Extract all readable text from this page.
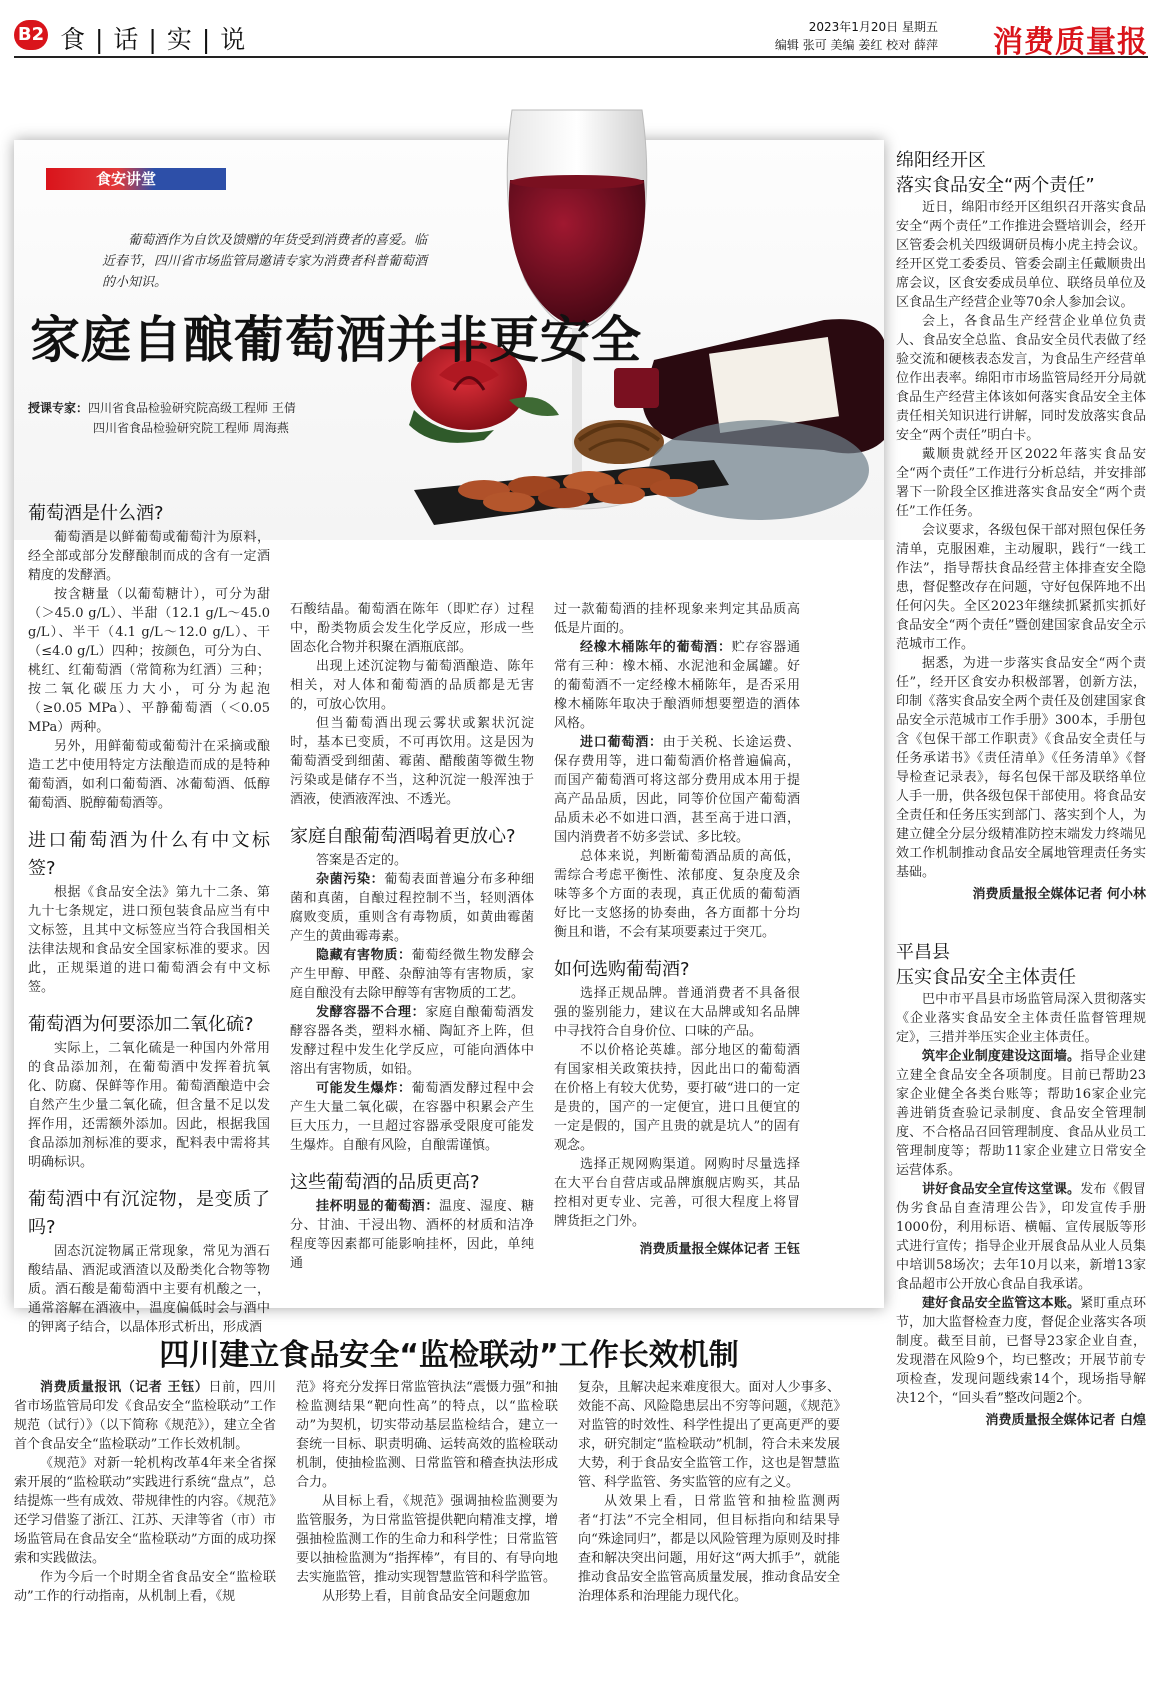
B2 食|话|实|说	2023年1月20日 星期五
编辑 张可 美编 姜红 校对 薛萍 消费质量报
食安讲堂
葡萄酒作为自饮及馈赠的年货受到消费者的喜爱。临近春节，四川省市场监管局邀请专家为消费者科普葡萄酒的小知识。
家庭自酿葡萄酒并非更安全
授课专家：四川省食品检验研究院高级工程师 王倩
四川省食品检验研究院工程师 周海燕
葡萄酒是什么酒?

葡萄酒是以鲜葡萄或葡萄汁为原料，经全部或部分发酵酿制而成的含有一定酒精度的发酵酒。

按含糖量（以葡萄糖计），可分为甜（＞45.0 g/L）、半甜（12.1 g/L～45.0 g/L）、半干（4.1 g/L～12.0 g/L）、干（≤4.0 g/L）四种；按颜色，可分为白、桃红、红葡萄酒（常简称为红酒）三种；按二氧化碳压力大小，可分为起泡（≥0.05 MPa）、平静葡萄酒（＜0.05 MPa）两种。

另外，用鲜葡萄或葡萄汁在采摘或酿造工艺中使用特定方法酿造而成的是特种葡萄酒，如利口葡萄酒、冰葡萄酒、低醇葡萄酒、脱醇葡萄酒等。

进口葡萄酒为什么有中文标签?

根据《食品安全法》第九十二条、第九十七条规定，进口预包装食品应当有中文标签，且其中文标签应当符合我国相关法律法规和食品安全国家标准的要求。因此，正规渠道的进口葡萄酒会有中文标签。

葡萄酒为何要添加二氧化硫?

实际上，二氧化硫是一种国内外常用的食品添加剂，在葡萄酒中发挥着抗氧化、防腐、保鲜等作用。葡萄酒酿造中会自然产生少量二氧化硫，但含量不足以发挥作用，还需额外添加。因此，根据我国食品添加剂标准的要求，配料表中需将其明确标识。

葡萄酒中有沉淀物，是变质了吗?

固态沉淀物属正常现象，常见为酒石酸结晶、酒泥或酒渣以及酚类化合物等物质。酒石酸是葡萄酒中主要有机酸之一，通常溶解在酒液中，温度偏低时会与酒中的钾离子结合，以晶体形式析出，形成酒

石酸结晶。葡萄酒在陈年（即贮存）过程中，酚类物质会发生化学反应，形成一些固态化合物并积聚在酒瓶底部。

出现上述沉淀物与葡萄酒酿造、陈年相关，对人体和葡萄酒的品质都是无害的，可放心饮用。

但当葡萄酒出现云雾状或絮状沉淀时，基本已变质，不可再饮用。这是因为葡萄酒受到细菌、霉菌、醋酸菌等微生物污染或是储存不当，这种沉淀一般浑浊于酒液，使酒液浑浊、不透光。

家庭自酿葡萄酒喝着更放心?

答案是否定的。

杂菌污染：葡萄表面普遍分布多种细菌和真菌，自酿过程控制不当，轻则酒体腐败变质，重则含有毒物质，如黄曲霉菌产生的黄曲霉毒素。

隐藏有害物质：葡萄经微生物发酵会产生甲醇、甲醛、杂醇油等有害物质，家庭自酿没有去除甲醇等有害物质的工艺。

发酵容器不合理：家庭自酿葡萄酒发酵容器各类，塑料水桶、陶缸齐上阵，但发酵过程中发生化学反应，可能向酒体中溶出有害物质，如铅。

可能发生爆炸：葡萄酒发酵过程中会产生大量二氧化碳，在容器中积累会产生巨大压力，一旦超过容器承受限度可能发生爆炸。自酿有风险，自酿需谨慎。

这些葡萄酒的品质更高?

挂杯明显的葡萄酒：温度、湿度、糖分、甘油、干浸出物、酒杯的材质和洁净程度等因素都可能影响挂杯，因此，单纯通

过一款葡萄酒的挂杯现象来判定其品质高低是片面的。

经橡木桶陈年的葡萄酒：贮存容器通常有三种：橡木桶、水泥池和金属罐。好的葡萄酒不一定经橡木桶陈年，是否采用橡木桶陈年取决于酿酒师想要塑造的酒体风格。

进口葡萄酒：由于关税、长途运费、保存费用等，进口葡萄酒价格普遍偏高，而国产葡萄酒可将这部分费用成本用于提高产品品质，因此，同等价位国产葡萄酒品质未必不如进口酒，甚至高于进口酒，国内消费者不妨多尝试、多比较。

总体来说，判断葡萄酒品质的高低，需综合考虑平衡性、浓郁度、复杂度及余味等多个方面的表现，真正优质的葡萄酒好比一支悠扬的协奏曲，各方面都十分均衡且和谐，不会有某项要素过于突兀。

如何选购葡萄酒?

选择正规品牌。普通消费者不具备很强的鉴别能力，建议在大品牌或知名品牌中寻找符合自身价位、口味的产品。

不以价格论英雄。部分地区的葡萄酒有国家相关政策扶持，因此出口的葡萄酒在价格上有较大优势，要打破“进口的一定是贵的，国产的一定便宜，进口且便宜的一定是假的，国产且贵的就是坑人”的固有观念。

选择正规网购渠道。网购时尽量选择在大平台自营店或品牌旗舰店购买，其品控相对更专业、完善，可很大程度上将冒牌货拒之门外。

消费质量报全媒体记者 王钰
绵阳经开区
落实食品安全“两个责任”

近日，绵阳市经开区组织召开落实食品安全“两个责任”工作推进会暨培训会，经开区管委会机关四级调研员梅小虎主持会议。经开区党工委委员、管委会副主任戴顺贵出席会议，区食安委成员单位、联络员单位及区食品生产经营企业等70余人参加会议。

会上，各食品生产经营企业单位负责人、食品安全总监、食品安全员代表做了经验交流和硬核表态发言，为食品生产经营单位作出表率。绵阳市市场监管局经开分局就食品生产经营主体该如何落实食品安全主体责任相关知识进行讲解，同时发放落实食品安全“两个责任”明白卡。

戴顺贵就经开区2022年落实食品安全“两个责任”工作进行分析总结，并安排部署下一阶段全区推进落实食品安全“两个责任”工作任务。

会议要求，各级包保干部对照包保任务清单，克服困难，主动履职，践行“一线工作法”，指导帮扶食品经营主体排查安全隐患，督促整改存在问题，守好包保阵地不出任何闪失。全区2023年继续抓紧抓实抓好食品安全“两个责任”暨创建国家食品安全示范城市工作。

据悉，为进一步落实食品安全“两个责任”，经开区食安办积极部署，创新方法，印制《落实食品安全两个责任及创建国家食品安全示范城市工作手册》300本，手册包含《包保干部工作职责》《食品安全责任与任务承诺书》《责任清单》《任务清单》《督导检查记录表》，每名包保干部及联络单位人手一册，供各级包保干部使用。将食品安全责任和任务压实到部门、落实到个人，为建立健全分层分级精准防控末端发力终端见效工作机制推动食品安全属地管理责任务实基础。

消费质量报全媒体记者 何小林
平昌县
压实食品安全主体责任

巴中市平昌县市场监管局深入贯彻落实《企业落实食品安全主体责任监督管理规定》，三措并举压实企业主体责任。

筑牢企业制度建设这面墙。指导企业建立建全食品安全各项制度。目前已帮助23家企业健全各类台账等；帮助16家企业完善进销货查验记录制度、食品安全管理制度、不合格品召回管理制度、食品从业员工管理制度等；帮助11家企业建立日常安全运营体系。

讲好食品安全宣传这堂课。发布《假冒伪劣食品自查清理公告》，印发宣传手册1000份，利用标语、横幅、宣传展版等形式进行宣传；指导企业开展食品从业人员集中培训58场次；去年10月以来，新增13家食品超市公开放心食品自我承诺。

建好食品安全监管这本账。紧盯重点环节，加大监督检查力度，督促企业落实各项制度。截至目前，已督导23家企业自查，发现潜在风险9个，均已整改；开展节前专项检查，发现问题线索14个，现场指导解决12个，“回头看”整改问题2个。

消费质量报全媒体记者 白煌
四川建立食品安全“监检联动”工作长效机制

消费质量报讯（记者 王钰）日前，四川省市场监管局印发《食品安全“监检联动”工作规范（试行）》（以下简称《规范》），建立全省首个食品安全“监检联动”工作长效机制。

《规范》对新一轮机构改革4年来全省探索开展的“监检联动”实践进行系统“盘点”，总结提炼一些有成效、带规律性的内容。《规范》还学习借鉴了浙江、江苏、天津等省（市）市场监管局在食品安全“监检联动”方面的成功探索和实践做法。

作为今后一个时期全省食品安全“监检联动”工作的行动指南，从机制上看，《规

范》将充分发挥日常监管执法“震慑力强”和抽检监测结果“靶向性高”的特点，以“监检联动”为契机，切实带动基层监检结合，建立一套统一目标、职责明确、运转高效的监检联动机制，使抽检监测、日常监管和稽查执法形成合力。

从目标上看，《规范》强调抽检监测要为监管服务，为日常监管提供靶向精准支撑，增强抽检监测工作的生命力和科学性；日常监管要以抽检监测为“指挥棒”，有目的、有导向地去实施监管，推动实现智慧监管和科学监管。

从形势上看，目前食品安全问题愈加

复杂，且解决起来难度很大。面对人少事多、效能不高、风险隐患层出不穷等问题，《规范》对监管的时效性、科学性提出了更高更严的要求，研究制定“监检联动”机制，符合未来发展大势，利于食品安全监管工作，这也是智慧监管、科学监管、务实监管的应有之义。

从效果上看，日常监管和抽检监测两者“打法”不完全相同，但目标指向和结果导向“殊途同归”，都是以风险管理为原则及时排查和解决突出问题，用好这“两大抓手”，就能推动食品安全监管高质量发展，推动食品安全治理体系和治理能力现代化。
